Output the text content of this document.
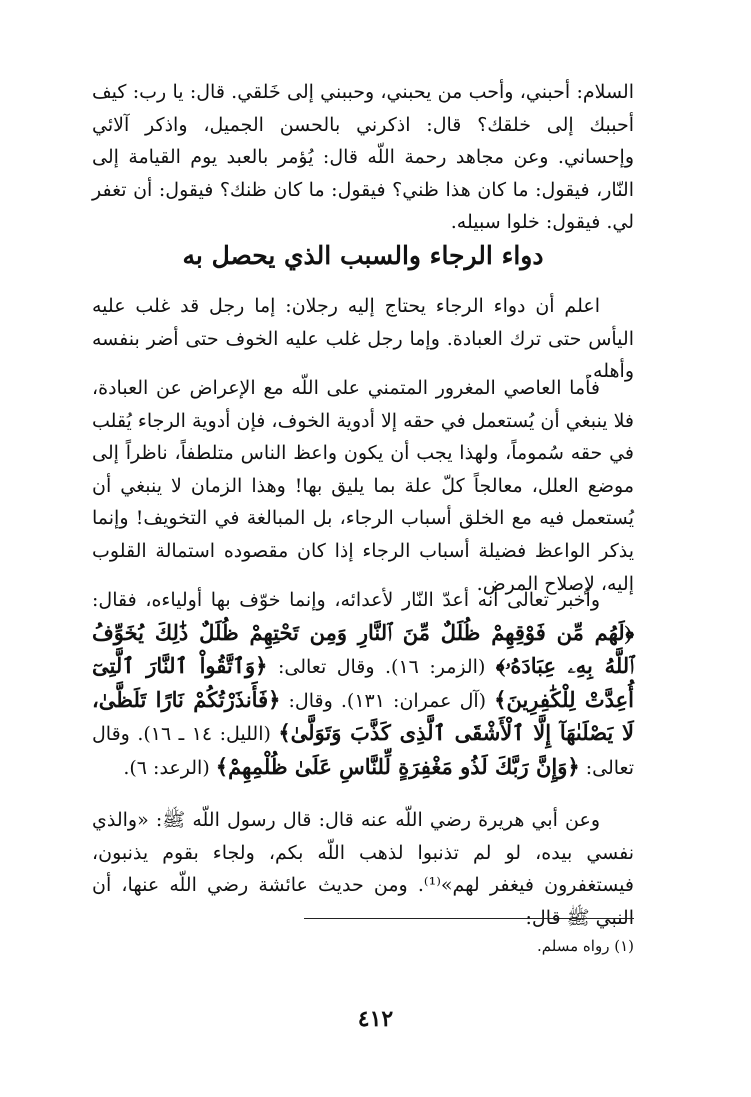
السلام: أحبني، وأحب من يحبني، وحببني إلى خَلقي. قال: يا رب: كيف أحببك إلى خلقك؟ قال: اذكرني بالحسن الجميل، واذكر آلائي وإحساني. وعن مجاهد رحمة اللّه قال: يُؤمر بالعبد يوم القيامة إلى النّار، فيقول: ما كان هذا ظني؟ فيقول: ما كان ظنك؟ فيقول: أن تغفر لي. فيقول: خلوا سبيله.

دواء الرجاء والسبب الذي يحصل به

اعلم أن دواء الرجاء يحتاج إليه رجلان: إما رجل قد غلب عليه اليأس حتى ترك العبادة. وإما رجل غلب عليه الخوف حتى أضر بنفسه وأهله.

فأما العاصي المغرور المتمني على اللّه مع الإعراض عن العبادة، فلا ينبغي أن يُستعمل في حقه إلا أدوية الخوف، فإن أدوية الرجاء يُقلب في حقه سُموماً، ولهذا يجب أن يكون واعظ الناس متلطفاً، ناظراً إلى موضع العلل، معالجاً كلّ علة بما يليق بها! وهذا الزمان لا ينبغي أن يُستعمل فيه مع الخلق أسباب الرجاء، بل المبالغة في التخويف! وإنما يذكر الواعظ فضيلة أسباب الرجاء إذا كان مقصوده استمالة القلوب إليه، لإصلاح المرض.

وأخبر تعالى أنه أعدّ النّار لأعدائه، وإنما خوّف بها أولياءه، فقال: ﴿لَهُم مِّن فَوْقِهِمْ ظُلَلٌ مِّنَ ٱلنَّارِ وَمِن تَحْتِهِمْ ظُلَلٌ ذَٰلِكَ يُخَوِّفُ ٱللَّهُ بِهِۦ عِبَادَهُۥ﴾ (الزمر: ١٦). وقال تعالى: ﴿وَٱتَّقُواْ ٱلنَّارَ ٱلَّتِىٓ أُعِدَّتْ لِلْكَٰفِرِينَ﴾ (آل عمران: ١٣١). وقال: ﴿فَأَنذَرْتُكُمْ نَارًا تَلَظَّىٰ، لَا يَصْلَىٰهَآ إِلَّا ٱلْأَشْقَى ٱلَّذِى كَذَّبَ وَتَوَلَّىٰ﴾ (الليل: ١٤ ـ ١٦). وقال تعالى: ﴿وَإِنَّ رَبَّكَ لَذُو مَغْفِرَةٍ لِّلنَّاسِ عَلَىٰ ظُلْمِهِمْ﴾ (الرعد: ٦).

وعن أبي هريرة رضي اللّه عنه قال: قال رسول اللّه ﷺ: «والذي نفسي بيده، لو لم تذنبوا لذهب اللّه بكم، ولجاء بقوم يذنبون، فيستغفرون فيغفر لهم»⁽¹⁾. ومن حديث عائشة رضي اللّه عنها، أن النبي ﷺ قال:

(١) رواه مسلم.
٤١٢
